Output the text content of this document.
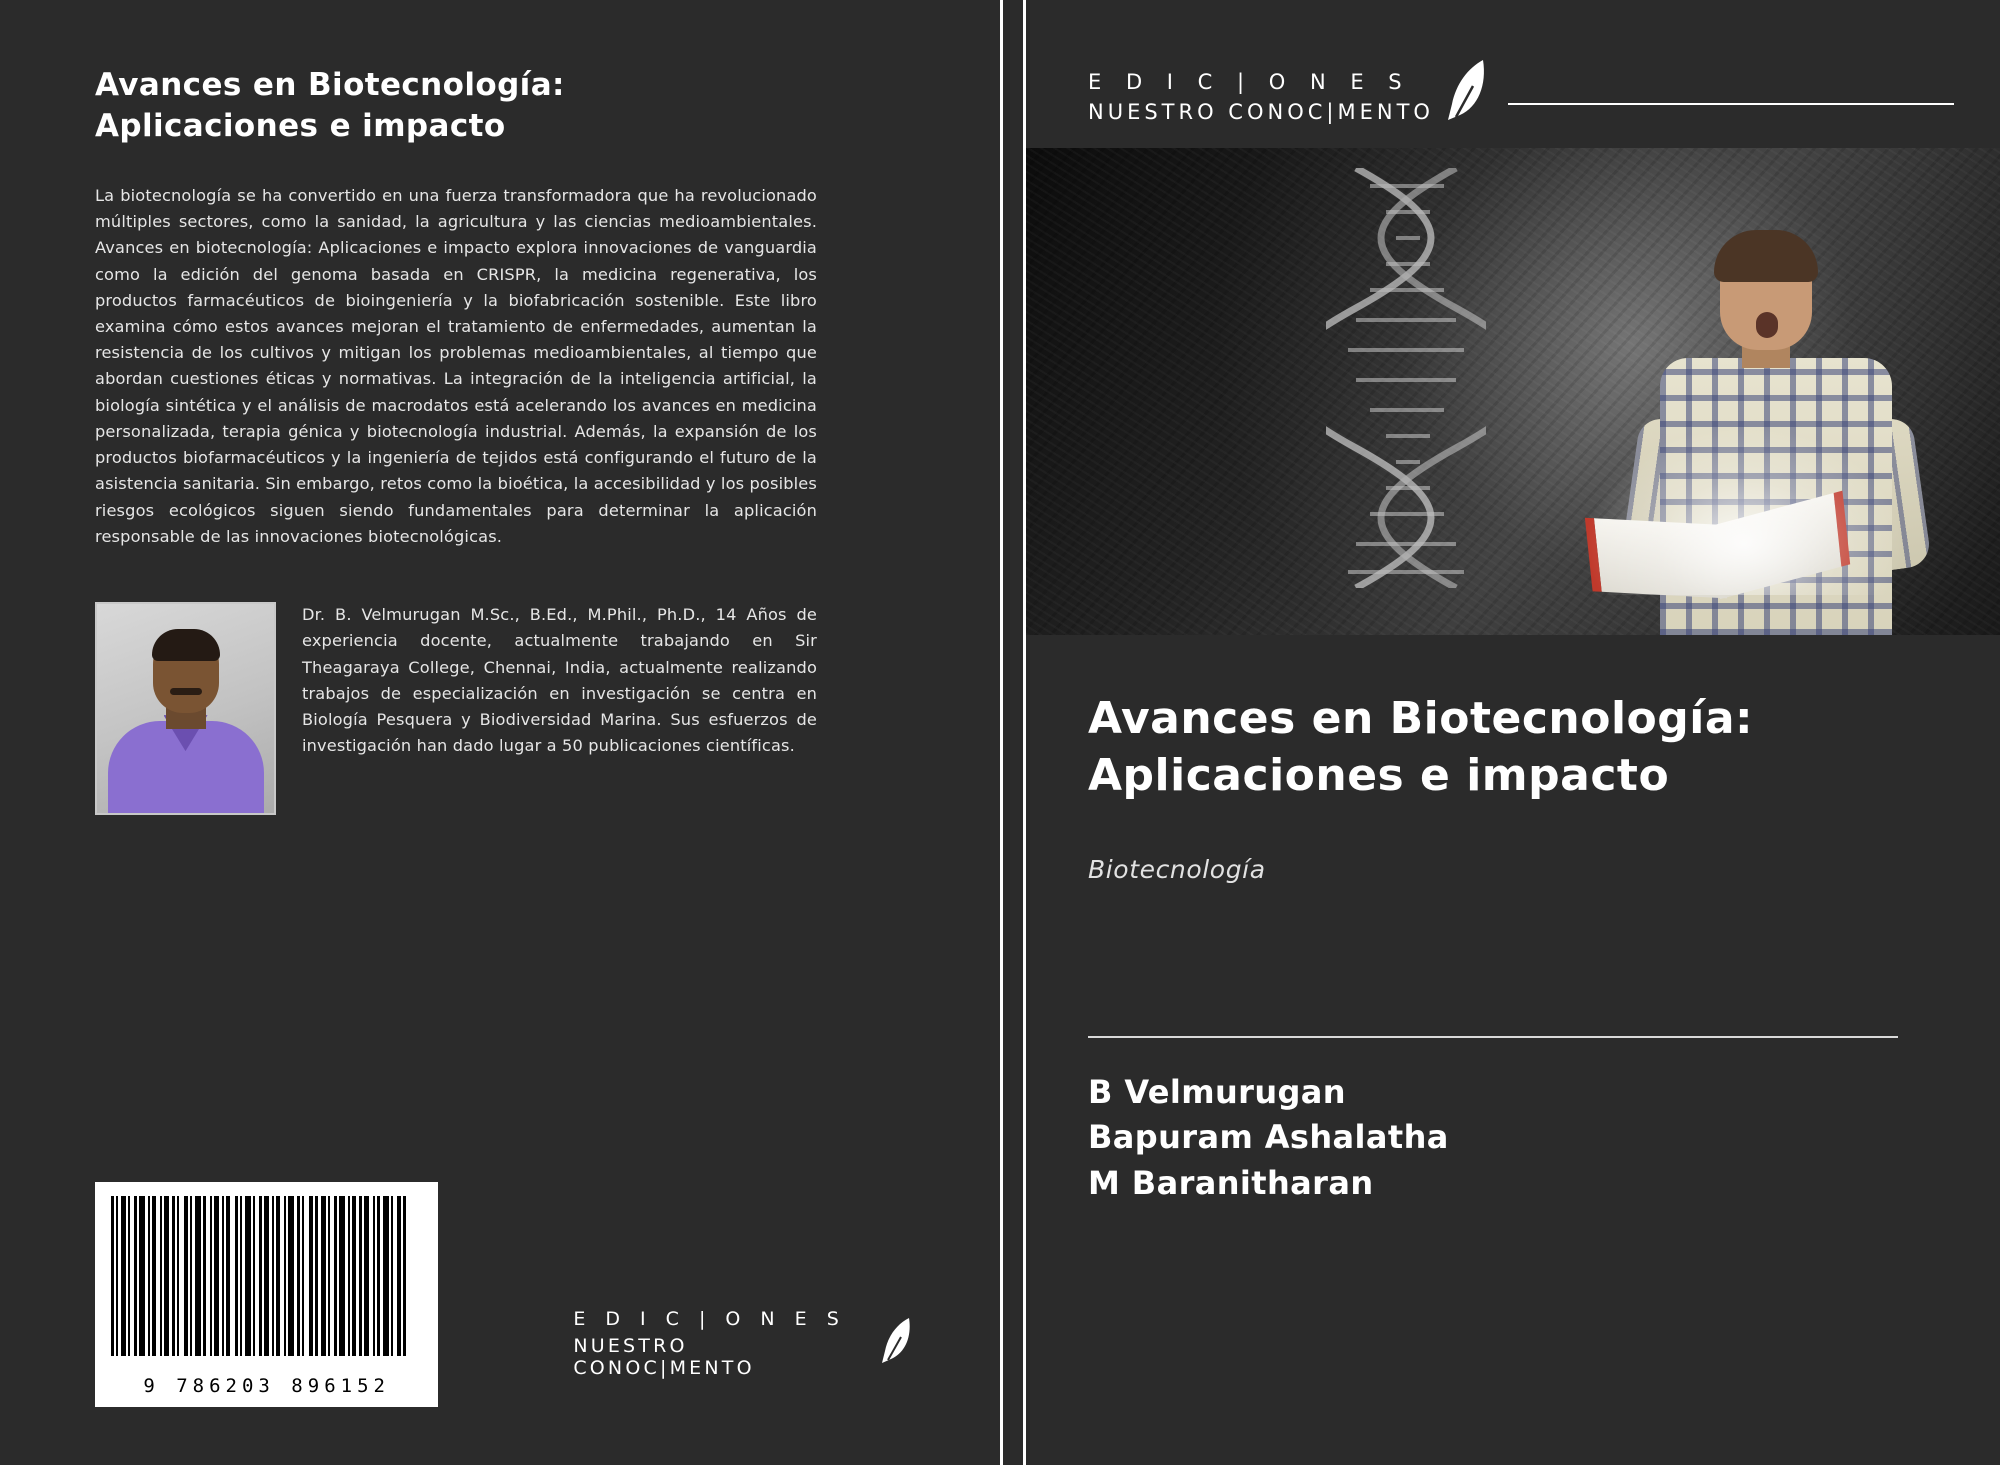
Avances en Biotecnología: Aplicaciones e impacto
La biotecnología se ha convertido en una fuerza transformadora que ha revolucionado múltiples sectores, como la sanidad, la agricultura y las ciencias medioambientales. Avances en biotecnología: Aplicaciones e impacto explora innovaciones de vanguardia como la edición del genoma basada en CRISPR, la medicina regenerativa, los productos farmacéuticos de bioingeniería y la biofabricación sostenible. Este libro examina cómo estos avances mejoran el tratamiento de enfermedades, aumentan la resistencia de los cultivos y mitigan los problemas medioambientales, al tiempo que abordan cuestiones éticas y normativas. La integración de la inteligencia artificial, la biología sintética y el análisis de macrodatos está acelerando los avances en medicina personalizada, terapia génica y biotecnología industrial. Además, la expansión de los productos biofarmacéuticos y la ingeniería de tejidos está configurando el futuro de la asistencia sanitaria. Sin embargo, retos como la bioética, la accesibilidad y los posibles riesgos ecológicos siguen siendo fundamentales para determinar la aplicación responsable de las innovaciones biotecnológicas.
Dr. B. Velmurugan M.Sc., B.Ed., M.Phil., Ph.D., 14 Años de experiencia docente, actualmente trabajando en Sir Theagaraya College, Chennai, India, actualmente realizando trabajos de especialización en investigación se centra en Biología Pesquera y Biodiversidad Marina. Sus esfuerzos de investigación han dado lugar a 50 publicaciones científicas.
9 786203 896152
E D I C | O N E S
NUESTRO CONOC|MENTO
E D I C | O N E S
NUESTRO CONOC|MENTO
Avances en Biotecnología: Aplicaciones e impacto
Biotecnología
B Velmurugan
Bapuram Ashalatha
M Baranitharan
